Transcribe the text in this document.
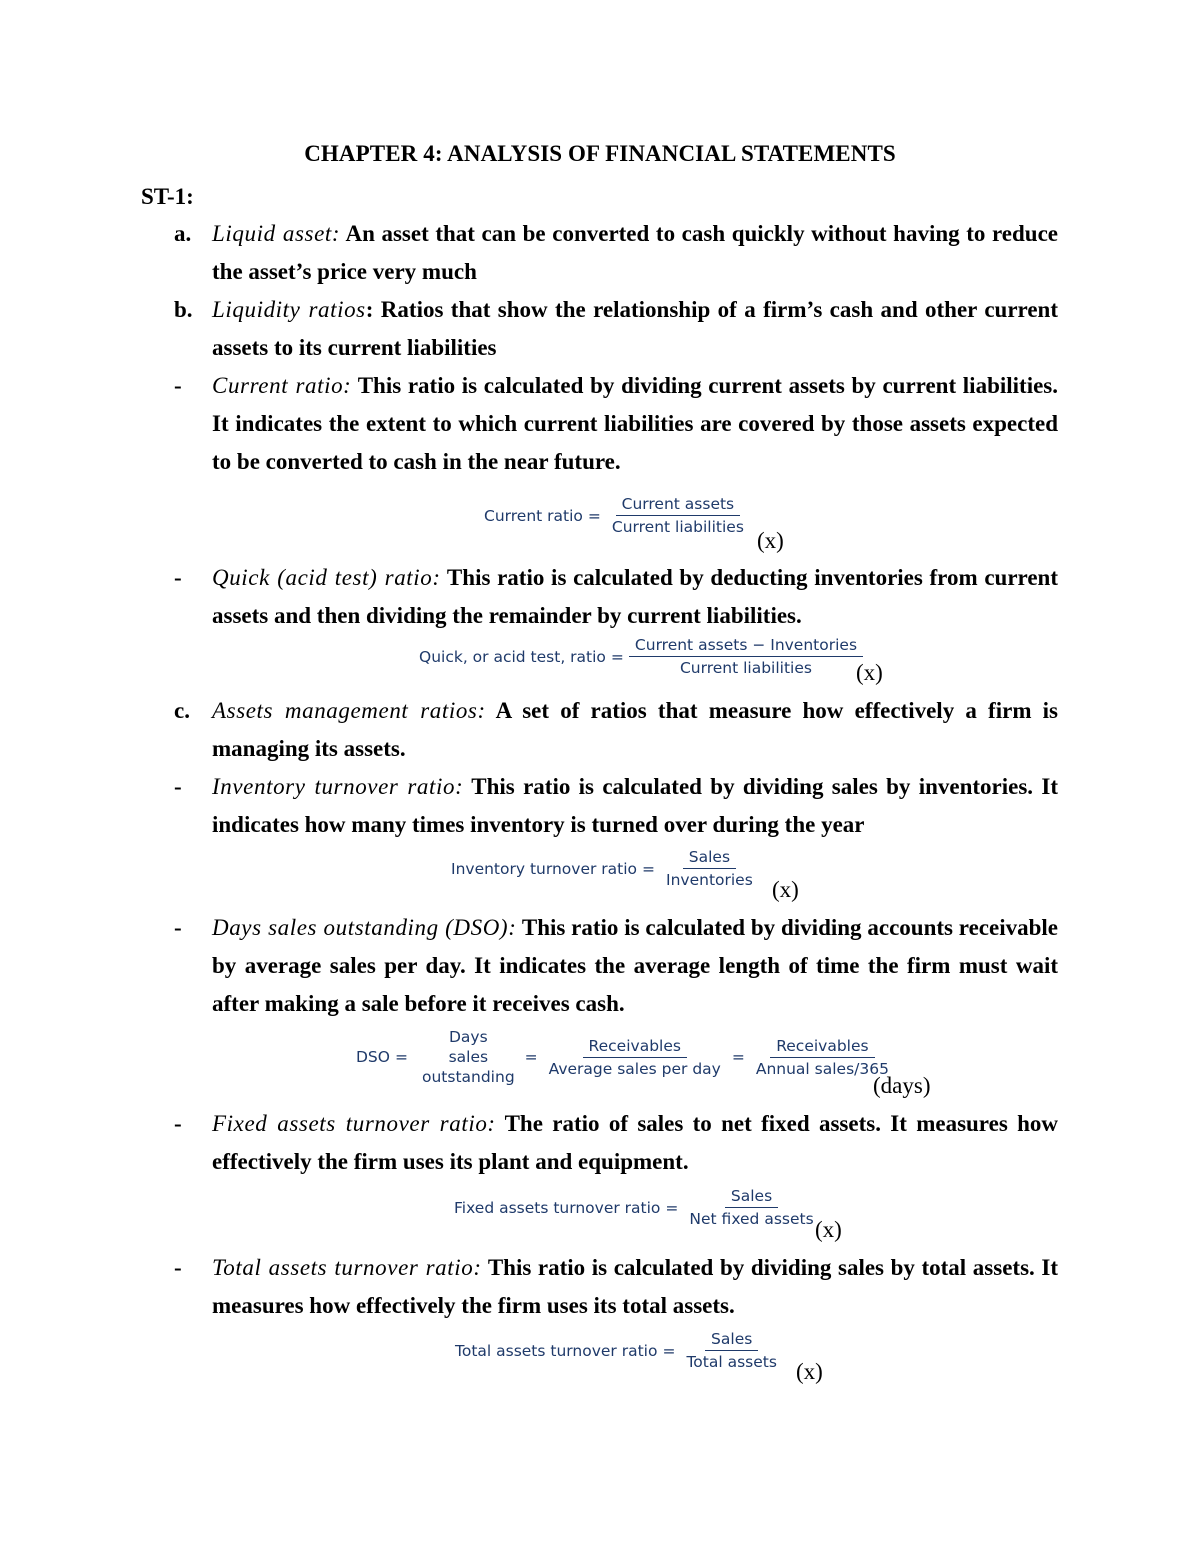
CHAPTER 4: ANALYSIS OF FINANCIAL STATEMENTS
ST-1:
a. Liquid asset: An asset that can be converted to cash quickly without having to reduce the asset’s price very much
b. Liquidity ratios: Ratios that show the relationship of a firm’s cash and other current assets to its current liabilities
-	Current ratio: This ratio is calculated by dividing current assets by current liabilities. It indicates the extent to which current liabilities are covered by those assets expected to be converted to cash in the near future.
Current ratio = $\frac{\text{Current assets}}{\text{Current liabilities}}$
(x)
-	Quick (acid test) ratio: This ratio is calculated by deducting inventories from current assets and then dividing the remainder by current liabilities.
Quick, or acid test, ratio = $\frac{\text{Current assets − Inventories}}{\text{Current liabilities}}$
(x)
c. Assets management ratios: A set of ratios that measure how effectively a firm is managing its assets.
-	Inventory turnover ratio: This ratio is calculated by dividing sales by inventories. It indicates how many times inventory is turned over during the year
Inventory turnover ratio = $\frac{\text{Sales}}{\text{Inventories}}$
(x)
-	Days sales outstanding (DSO): This ratio is calculated by dividing accounts receivable by average sales per day. It indicates the average length of time the firm must wait after making a sale before it receives cash.
DSO =
Days
sales
outstanding
= $\frac{\text{Receivables}}{\text{Average sales per day}} = \frac{\text{Receivables}}{\text{Annual sales/365}}$
(days)
-	Fixed assets turnover ratio: The ratio of sales to net fixed assets. It measures how effectively the firm uses its plant and equipment.
Fixed assets turnover ratio = $\frac{\text{Sales}}{\text{Net fixed assets}}$
(x)
-	Total assets turnover ratio: This ratio is calculated by dividing sales by total assets. It measures how effectively the firm uses its total assets.
Total assets turnover ratio = $\frac{\text{Sales}}{\text{Total assets}}$
(x)
